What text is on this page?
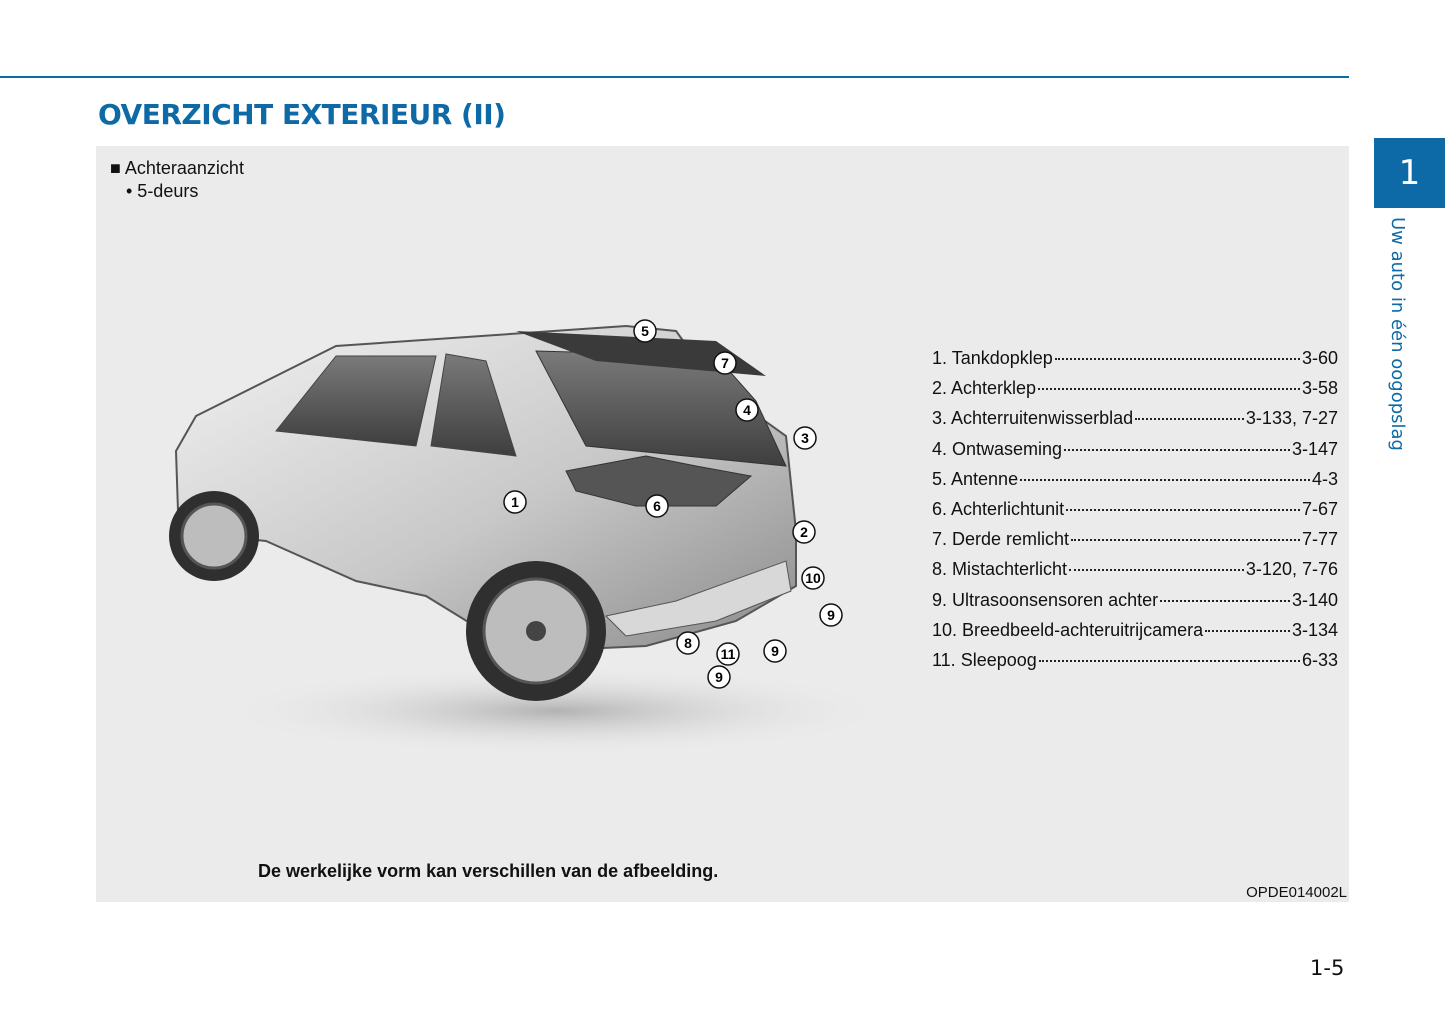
OVERZICHT EXTERIEUR (II)
1
Uw auto in één oogopslag
■ Achteraanzicht
• 5-deurs
1
2
3
4
5
6
7
8
9
9
9
10
11
1. Tankdopklep	3-60
2. Achterklep	3-58
3. Achterruitenwisserblad	3-133, 7-27
4. Ontwaseming	3-147
5. Antenne	4-3
6. Achterlichtunit	7-67
7. Derde remlicht	7-77
8. Mistachterlicht	3-120, 7-76
9. Ultrasoonsensoren achter	3-140
10. Breedbeeld-achteruitrijcamera	3-134
11. Sleepoog	6-33
De werkelijke vorm kan verschillen van de afbeelding.
OPDE014002L
1-5
